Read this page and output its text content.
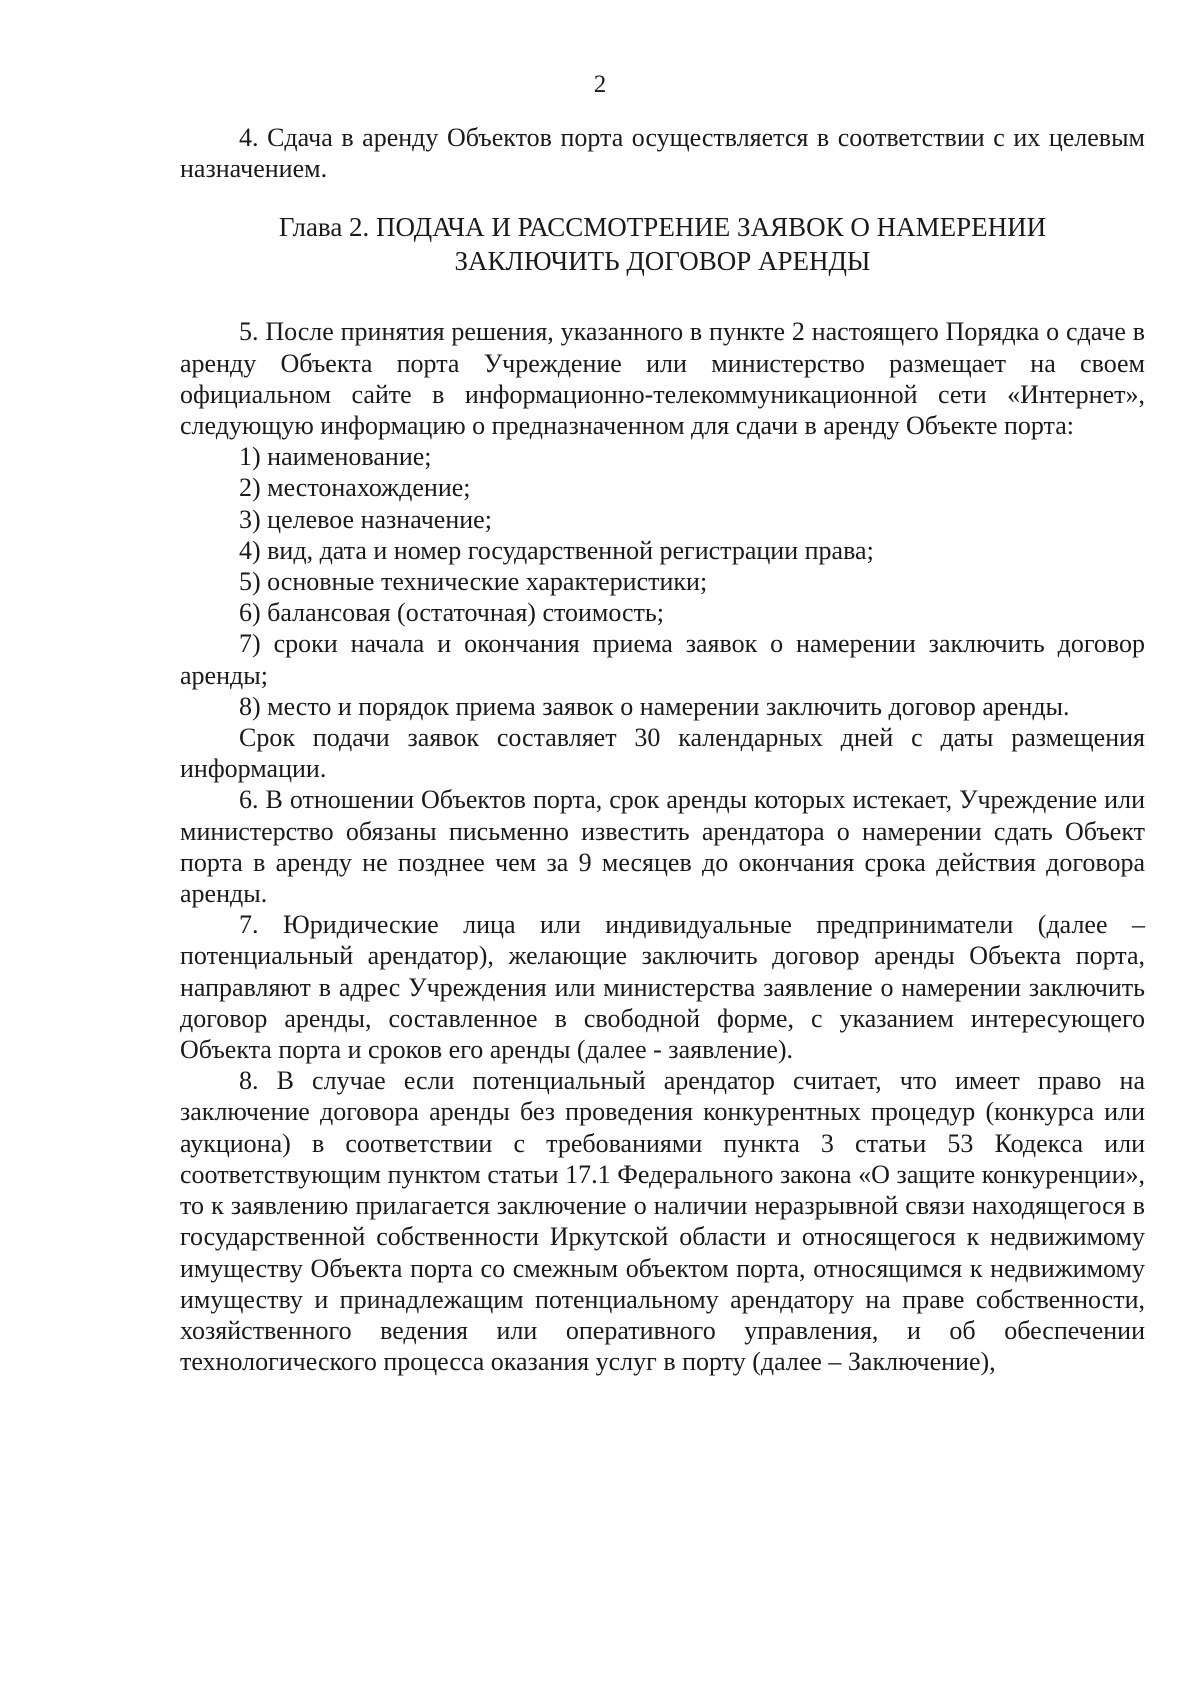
2

4. Сдача в аренду Объектов порта осуществляется в соответствии с их целевым назначением.

Глава 2. ПОДАЧА И РАССМОТРЕНИЕ ЗАЯВОК О НАМЕРЕНИИ
ЗАКЛЮЧИТЬ ДОГОВОР АРЕНДЫ

5. После принятия решения, указанного в пункте 2 настоящего Порядка о сдаче в аренду Объекта порта Учреждение или министерство размещает на своем официальном сайте в информационно-телекоммуникационной сети «Интернет», следующую информацию о предназначенном для сдачи в аренду Объекте порта:

1) наименование;

2) местонахождение;

3) целевое назначение;

4) вид, дата и номер государственной регистрации права;

5) основные технические характеристики;

6) балансовая (остаточная) стоимость;

7) сроки начала и окончания приема заявок о намерении заключить договор аренды;

8) место и порядок приема заявок о намерении заключить договор аренды.

Срок подачи заявок составляет 30 календарных дней с даты размещения информации.

6. В отношении Объектов порта, срок аренды которых истекает, Учреждение или министерство обязаны письменно известить арендатора о намерении сдать Объект порта в аренду не позднее чем за 9 месяцев до окончания срока действия договора аренды.

7. Юридические лица или индивидуальные предприниматели (далее – потенциальный арендатор), желающие заключить договор аренды Объекта порта, направляют в адрес Учреждения или министерства заявление о намерении заключить договор аренды, составленное в свободной форме, с указанием интересующего Объекта порта и сроков его аренды (далее - заявление).

8. В случае если потенциальный арендатор считает, что имеет право на заключение договора аренды без проведения конкурентных процедур (конкурса или аукциона) в соответствии с требованиями пункта 3 статьи 53 Кодекса или соответствующим пунктом статьи 17.1 Федерального закона «О защите конкуренции», то к заявлению прилагается заключение о наличии неразрывной связи находящегося в государственной собственности Иркутской области и относящегося к недвижимому имуществу Объекта порта со смежным объектом порта, относящимся к недвижимому имуществу и принадлежащим потенциальному арендатору на праве собственности, хозяйственного ведения или оперативного управления, и об обеспечении технологического процесса оказания услуг в порту (далее – Заключение),
